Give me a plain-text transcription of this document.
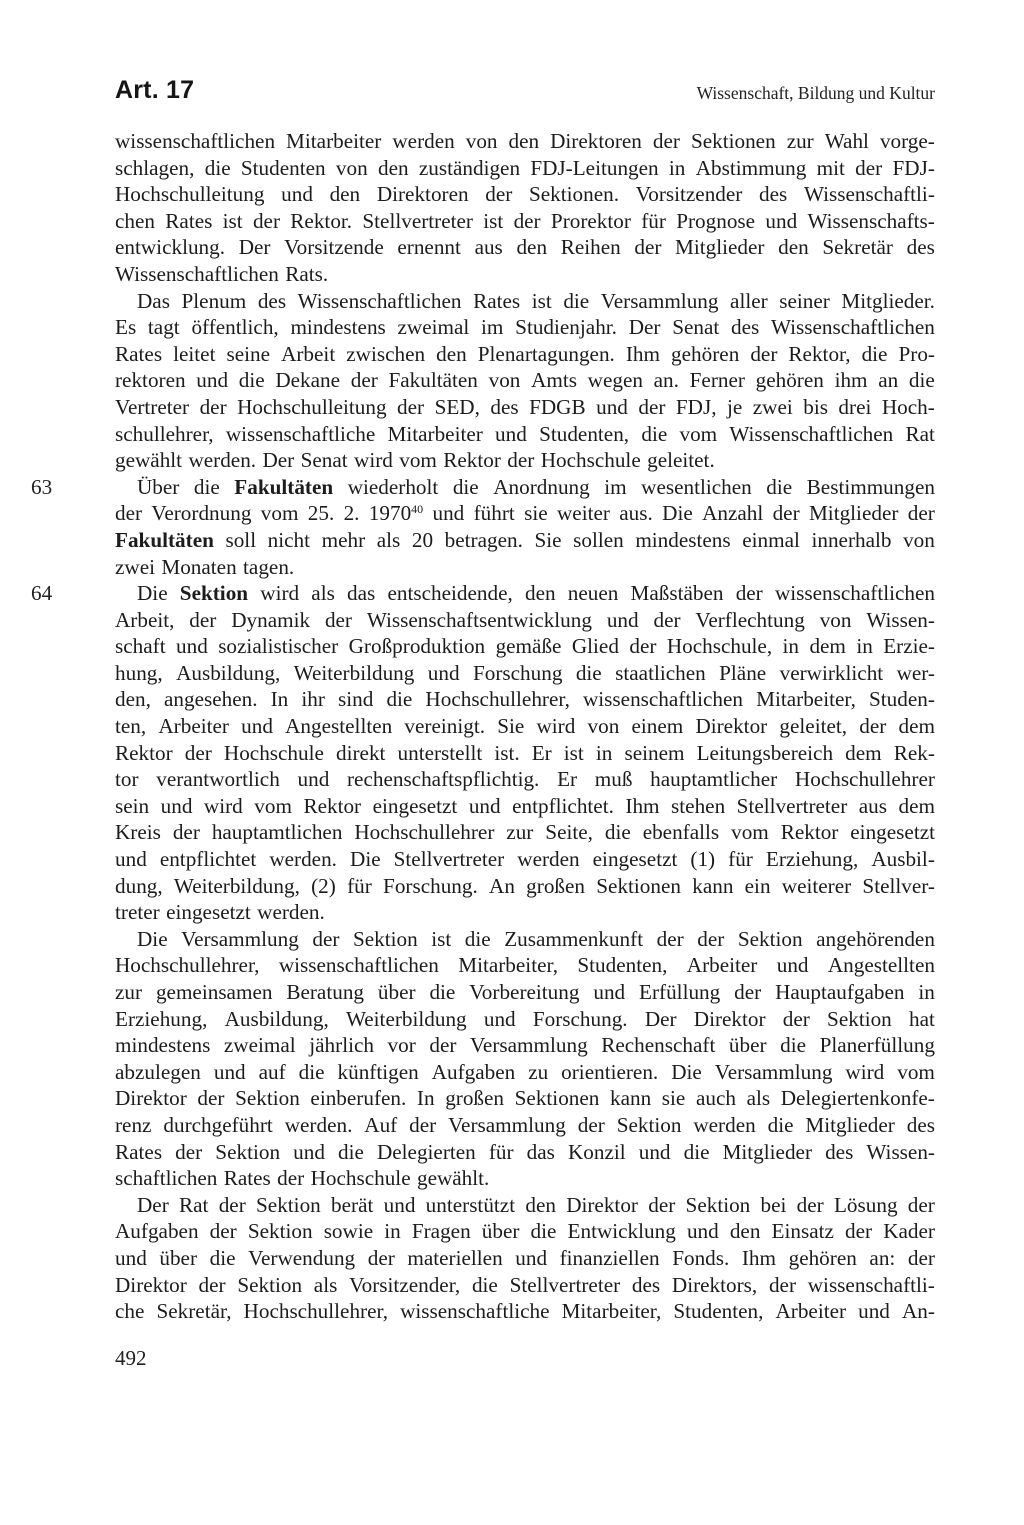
Art. 17	Wissenschaft, Bildung und Kultur
wissenschaftlichen Mitarbeiter werden von den Direktoren der Sektionen zur Wahl vorge-
schlagen, die Studenten von den zuständigen FDJ-Leitungen in Abstimmung mit der FDJ-
Hochschulleitung und den Direktoren der Sektionen. Vorsitzender des Wissenschaftli-
chen Rates ist der Rektor. Stellvertreter ist der Prorektor für Prognose und Wissenschafts-
entwicklung. Der Vorsitzende ernennt aus den Reihen der Mitglieder den Sekretär des
Wissenschaftlichen Rats.
Das Plenum des Wissenschaftlichen Rates ist die Versammlung aller seiner Mitglieder.
Es tagt öffentlich, mindestens zweimal im Studienjahr. Der Senat des Wissenschaftlichen
Rates leitet seine Arbeit zwischen den Plenartagungen. Ihm gehören der Rektor, die Pro-
rektoren und die Dekane der Fakultäten von Amts wegen an. Ferner gehören ihm an die
Vertreter der Hochschulleitung der SED, des FDGB und der FDJ, je zwei bis drei Hoch-
schullehrer, wissenschaftliche Mitarbeiter und Studenten, die vom Wissenschaftlichen Rat
gewählt werden. Der Senat wird vom Rektor der Hochschule geleitet.
63	Über die Fakultäten wiederholt die Anordnung im wesentlichen die Bestimmungen
der Verordnung vom 25. 2. 1970$^{40}$ und führt sie weiter aus. Die Anzahl der Mitglieder der
Fakultäten soll nicht mehr als 20 betragen. Sie sollen mindestens einmal innerhalb von
zwei Monaten tagen.
64	Die Sektion wird als das entscheidende, den neuen Maßstäben der wissenschaftlichen
Arbeit, der Dynamik der Wissenschaftsentwicklung und der Verflechtung von Wissen-
schaft und sozialistischer Großproduktion gemäße Glied der Hochschule, in dem in Erzie-
hung, Ausbildung, Weiterbildung und Forschung die staatlichen Pläne verwirklicht wer-
den, angesehen. In ihr sind die Hochschullehrer, wissenschaftlichen Mitarbeiter, Studen-
ten, Arbeiter und Angestellten vereinigt. Sie wird von einem Direktor geleitet, der dem
Rektor der Hochschule direkt unterstellt ist. Er ist in seinem Leitungsbereich dem Rek-
tor verantwortlich und rechenschaftspflichtig. Er muß hauptamtlicher Hochschullehrer
sein und wird vom Rektor eingesetzt und entpflichtet. Ihm stehen Stellvertreter aus dem
Kreis der hauptamtlichen Hochschullehrer zur Seite, die ebenfalls vom Rektor eingesetzt
und entpflichtet werden. Die Stellvertreter werden eingesetzt (1) für Erziehung, Ausbil-
dung, Weiterbildung, (2) für Forschung. An großen Sektionen kann ein weiterer Stellver-
treter eingesetzt werden.
Die Versammlung der Sektion ist die Zusammenkunft der der Sektion angehörenden
Hochschullehrer, wissenschaftlichen Mitarbeiter, Studenten, Arbeiter und Angestellten
zur gemeinsamen Beratung über die Vorbereitung und Erfüllung der Hauptaufgaben in
Erziehung, Ausbildung, Weiterbildung und Forschung. Der Direktor der Sektion hat
mindestens zweimal jährlich vor der Versammlung Rechenschaft über die Planerfüllung
abzulegen und auf die künftigen Aufgaben zu orientieren. Die Versammlung wird vom
Direktor der Sektion einberufen. In großen Sektionen kann sie auch als Delegiertenkonfe-
renz durchgeführt werden. Auf der Versammlung der Sektion werden die Mitglieder des
Rates der Sektion und die Delegierten für das Konzil und die Mitglieder des Wissen-
schaftlichen Rates der Hochschule gewählt.
Der Rat der Sektion berät und unterstützt den Direktor der Sektion bei der Lösung der
Aufgaben der Sektion sowie in Fragen über die Entwicklung und den Einsatz der Kader
und über die Verwendung der materiellen und finanziellen Fonds. Ihm gehören an: der
Direktor der Sektion als Vorsitzender, die Stellvertreter des Direktors, der wissenschaftli-
che Sekretär, Hochschullehrer, wissenschaftliche Mitarbeiter, Studenten, Arbeiter und An-
492
